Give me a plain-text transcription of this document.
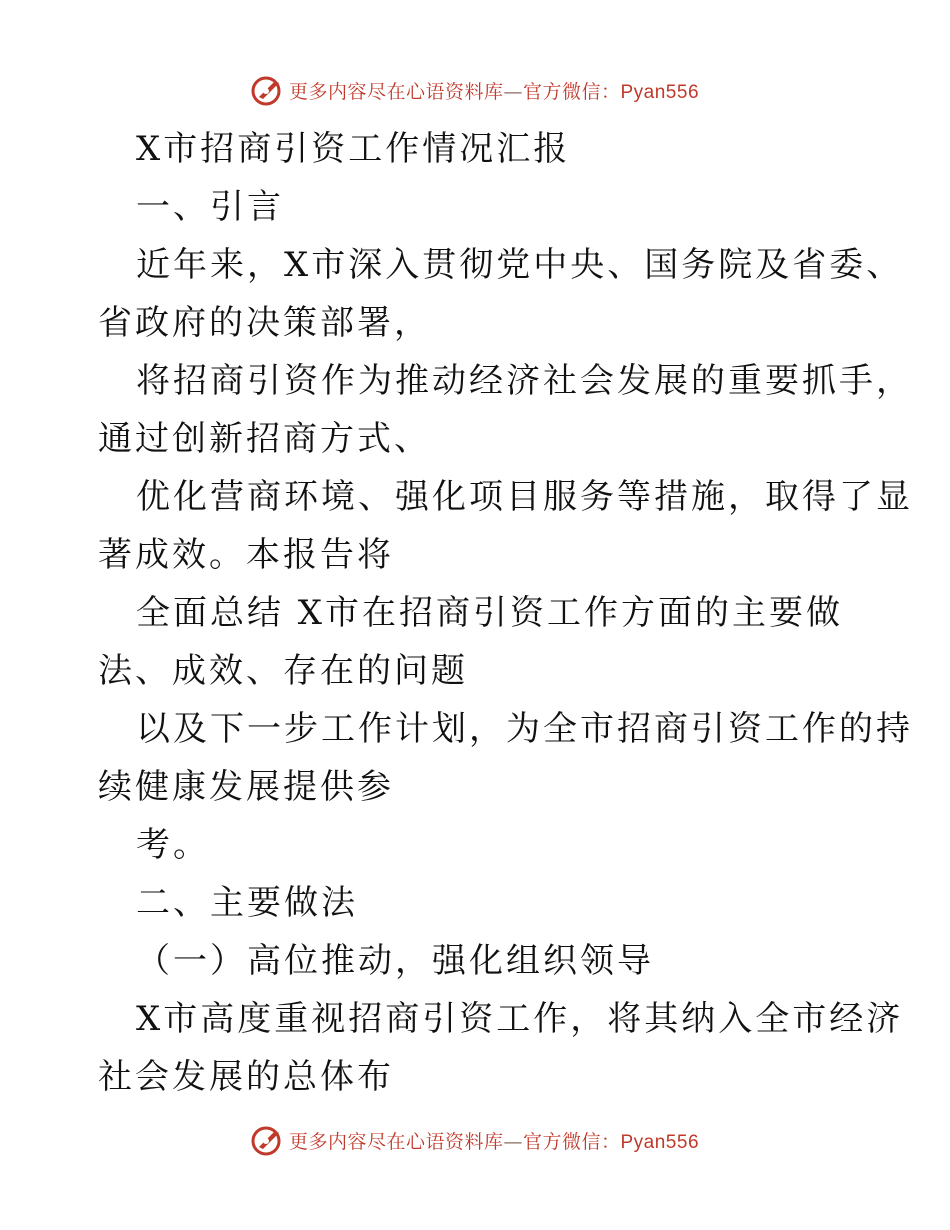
更多内容尽在心语资料库—官方微信：Pyan556
X市招商引资工作情况汇报
一、引言
近年来，X市深入贯彻党中央、国务院及省委、
省政府的决策部署，
将招商引资作为推动经济社会发展的重要抓手，
通过创新招商方式、
优化营商环境、强化项目服务等措施，取得了显
著成效。本报告将
全面总结 X市在招商引资工作方面的主要做
法、成效、存在的问题
以及下一步工作计划，为全市招商引资工作的持
续健康发展提供参
考。
二、主要做法
（一）高位推动，强化组织领导
X市高度重视招商引资工作，将其纳入全市经济
社会发展的总体布
更多内容尽在心语资料库—官方微信：Pyan556
